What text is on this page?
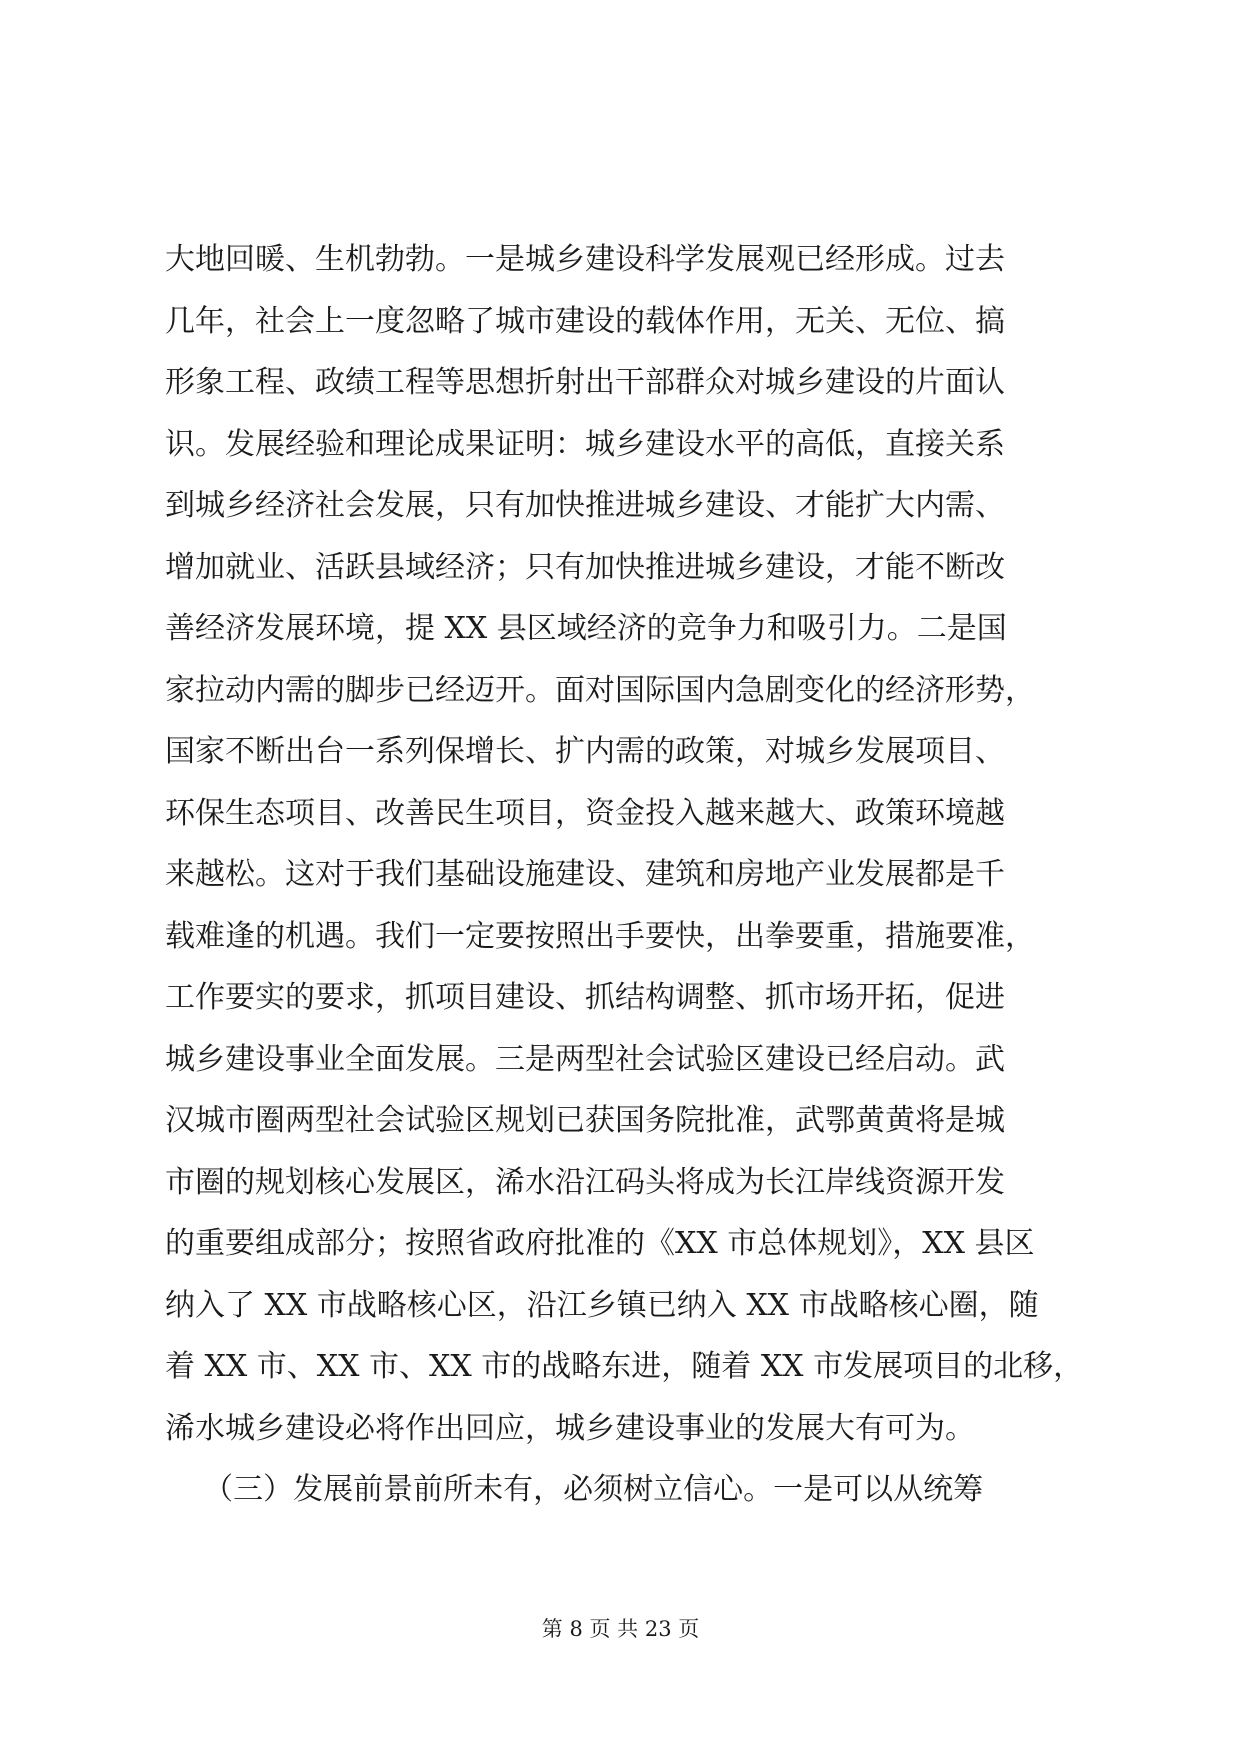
大地回暖、生机勃勃。一是城乡建设科学发展观已经形成。过去
几年，社会上一度忽略了城市建设的载体作用，无关、无位、搞
形象工程、政绩工程等思想折射出干部群众对城乡建设的片面认
识。发展经验和理论成果证明：城乡建设水平的高低，直接关系
到城乡经济社会发展，只有加快推进城乡建设、才能扩大内需、
增加就业、活跃县域经济；只有加快推进城乡建设，才能不断改
善经济发展环境，提 XX 县区域经济的竞争力和吸引力。二是国
家拉动内需的脚步已经迈开。面对国际国内急剧变化的经济形势，
国家不断出台一系列保增长、扩内需的政策，对城乡发展项目、
环保生态项目、改善民生项目，资金投入越来越大、政策环境越
来越松。这对于我们基础设施建设、建筑和房地产业发展都是千
载难逢的机遇。我们一定要按照出手要快，出拳要重，措施要准，
工作要实的要求，抓项目建设、抓结构调整、抓市场开拓，促进
城乡建设事业全面发展。三是两型社会试验区建设已经启动。武
汉城市圈两型社会试验区规划已获国务院批准，武鄂黄黄将是城
市圈的规划核心发展区，浠水沿江码头将成为长江岸线资源开发
的重要组成部分；按照省政府批准的《XX 市总体规划》，XX 县区
纳入了 XX 市战略核心区，沿江乡镇已纳入 XX 市战略核心圈，随
着 XX 市、XX 市、XX 市的战略东进，随着 XX 市发展项目的北移，
浠水城乡建设必将作出回应，城乡建设事业的发展大有可为。
（三）发展前景前所未有，必须树立信心。一是可以从统筹
第 8 页 共 23 页
